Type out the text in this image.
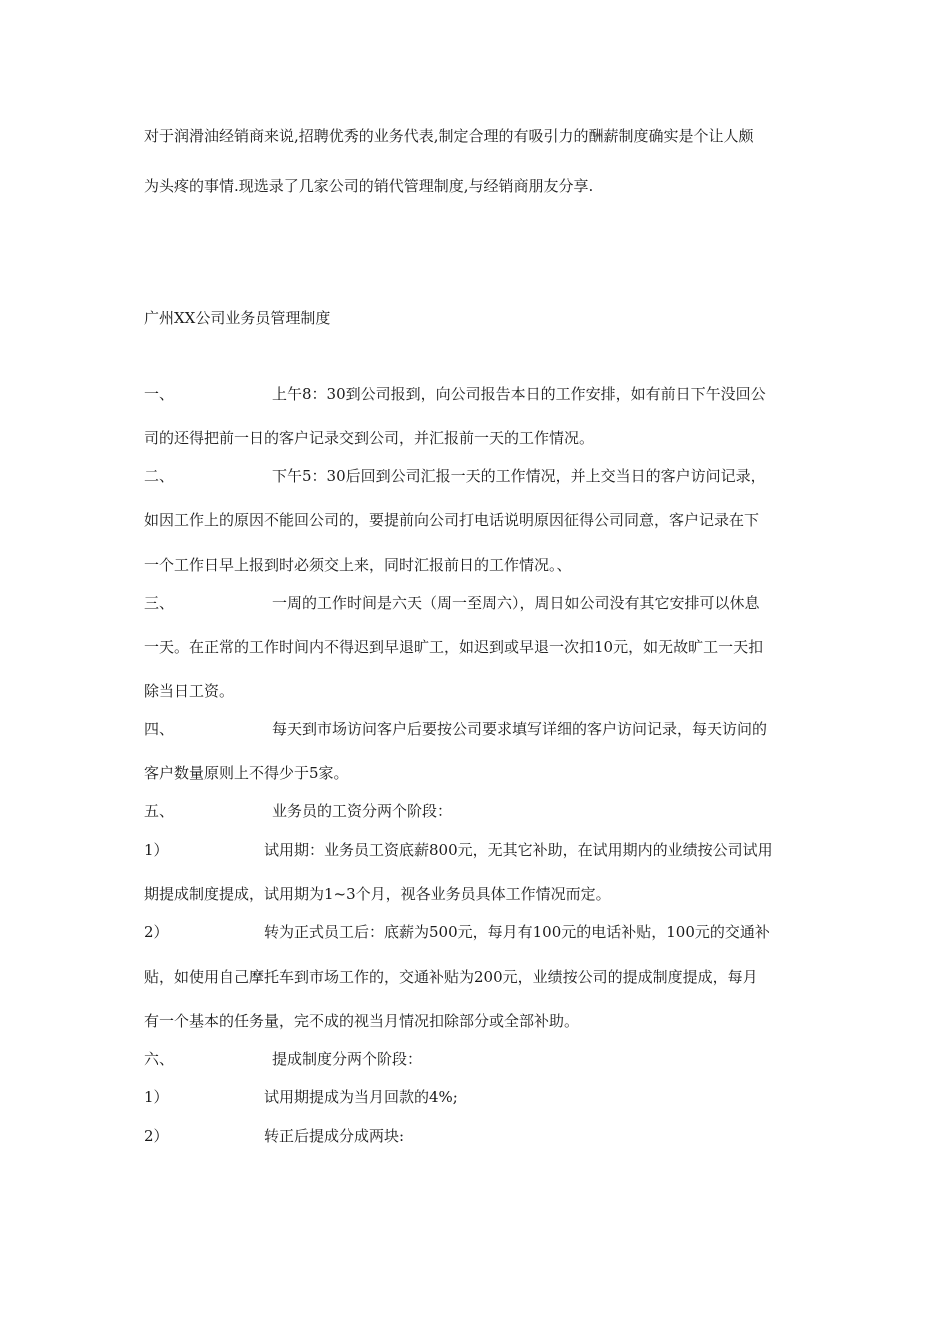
对于润滑油经销商来说,招聘优秀的业务代表,制定合理的有吸引力的酬薪制度确实是个让人颇
为头疼的事情.现选录了几家公司的销代管理制度,与经销商朋友分享.
广州XX公司业务员管理制度
一、	上午8：30到公司报到，向公司报告本日的工作安排，如有前日下午没回公
司的还得把前一日的客户记录交到公司，并汇报前一天的工作情况。
二、	下午5：30后回到公司汇报一天的工作情况，并上交当日的客户访问记录，
如因工作上的原因不能回公司的，要提前向公司打电话说明原因征得公司同意，客户记录在下
一个工作日早上报到时必须交上来，同时汇报前日的工作情况。、
三、	一周的工作时间是六天（周一至周六），周日如公司没有其它安排可以休息
一天。在正常的工作时间内不得迟到早退旷工，如迟到或早退一次扣10元，如无故旷工一天扣
除当日工资。
四、	每天到市场访问客户后要按公司要求填写详细的客户访问记录，每天访问的
客户数量原则上不得少于5家。
五、	业务员的工资分两个阶段：
1）	试用期：业务员工资底薪800元，无其它补助，在试用期内的业绩按公司试用
期提成制度提成，试用期为1~3个月，视各业务员具体工作情况而定。
2）	转为正式员工后：底薪为500元，每月有100元的电话补贴，100元的交通补
贴，如使用自己摩托车到市场工作的，交通补贴为200元，业绩按公司的提成制度提成，每月
有一个基本的任务量，完不成的视当月情况扣除部分或全部补助。
六、	提成制度分两个阶段：
1）	试用期提成为当月回款的4%;
2）	转正后提成分成两块:
